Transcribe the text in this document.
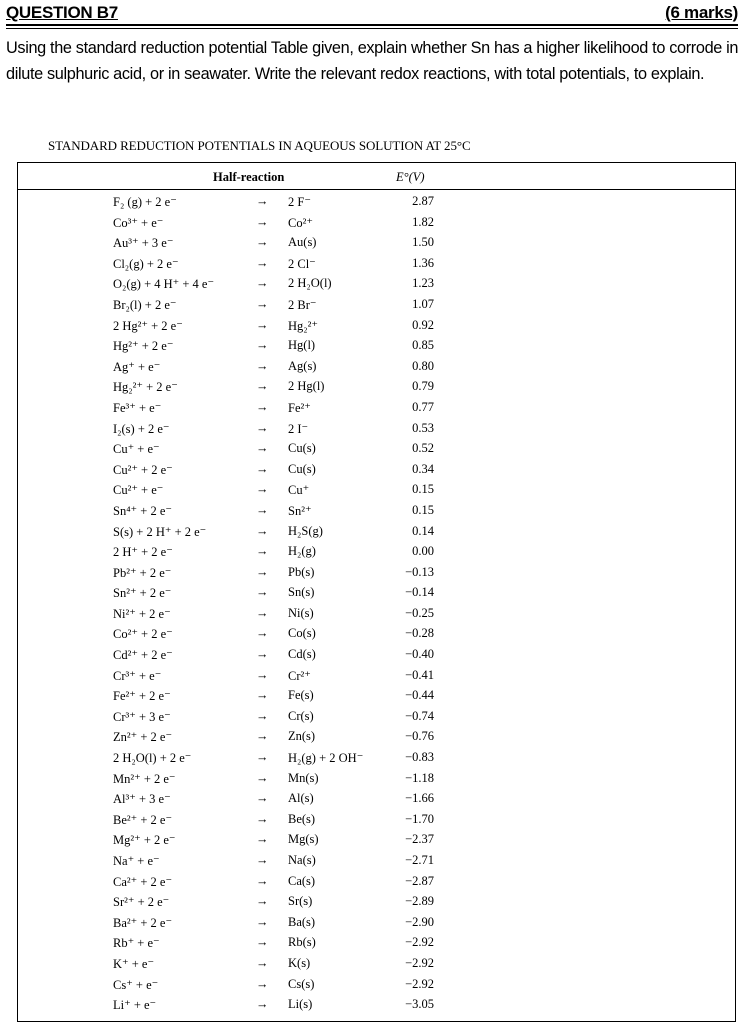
QUESTION B7	(6 marks)
Using the standard reduction potential Table given, explain whether Sn has a higher likelihood to corrode in dilute sulphuric acid, or in seawater. Write the relevant redox reactions, with total potentials, to explain.
STANDARD REDUCTION POTENTIALS IN AQUEOUS SOLUTION AT 25°C
Half-reaction	E°(V)
F₂ (g) + 2 e⁻	→ 2 F⁻	2.87
Co³⁺ + e⁻	→ Co²⁺	1.82
Au³⁺ + 3 e⁻	→ Au(s)	1.50
Cl₂(g) + 2 e⁻	→ 2 Cl⁻	1.36
O₂(g) + 4 H⁺ + 4 e⁻	→ 2 H₂O(l)	1.23
Br₂(l) + 2 e⁻	→ 2 Br⁻	1.07
2 Hg²⁺ + 2 e⁻	→ Hg₂²⁺	0.92
Hg²⁺ + 2 e⁻	→ Hg(l)	0.85
Ag⁺ + e⁻	→ Ag(s)	0.80
Hg₂²⁺ + 2 e⁻	→ 2 Hg(l)	0.79
Fe³⁺ + e⁻	→ Fe²⁺	0.77
I₂(s) + 2 e⁻	→ 2 I⁻	0.53
Cu⁺ + e⁻	→ Cu(s)	0.52
Cu²⁺ + 2 e⁻	→ Cu(s)	0.34
Cu²⁺ + e⁻	→ Cu⁺	0.15
Sn⁴⁺ + 2 e⁻	→ Sn²⁺	0.15
S(s) + 2 H⁺ + 2 e⁻	→ H₂S(g)	0.14
2 H⁺ + 2 e⁻	→ H₂(g)	0.00
Pb²⁺ + 2 e⁻	→ Pb(s)	−0.13
Sn²⁺ + 2 e⁻	→ Sn(s)	−0.14
Ni²⁺ + 2 e⁻	→ Ni(s)	−0.25
Co²⁺ + 2 e⁻	→ Co(s)	−0.28
Cd²⁺ + 2 e⁻	→ Cd(s)	−0.40
Cr³⁺ + e⁻	→ Cr²⁺	−0.41
Fe²⁺ + 2 e⁻	→ Fe(s)	−0.44
Cr³⁺ + 3 e⁻	→ Cr(s)	−0.74
Zn²⁺ + 2 e⁻	→ Zn(s)	−0.76
2 H₂O(l) + 2 e⁻	→ H₂(g) + 2 OH⁻	−0.83
Mn²⁺ + 2 e⁻	→ Mn(s)	−1.18
Al³⁺ + 3 e⁻	→ Al(s)	−1.66
Be²⁺ + 2 e⁻	→ Be(s)	−1.70
Mg²⁺ + 2 e⁻	→ Mg(s)	−2.37
Na⁺ + e⁻	→ Na(s)	−2.71
Ca²⁺ + 2 e⁻	→ Ca(s)	−2.87
Sr²⁺ + 2 e⁻	→ Sr(s)	−2.89
Ba²⁺ + 2 e⁻	→ Ba(s)	−2.90
Rb⁺ + e⁻	→ Rb(s)	−2.92
K⁺ + e⁻	→ K(s)	−2.92
Cs⁺ + e⁻	→ Cs(s)	−2.92
Li⁺ + e⁻	→ Li(s)	−3.05
